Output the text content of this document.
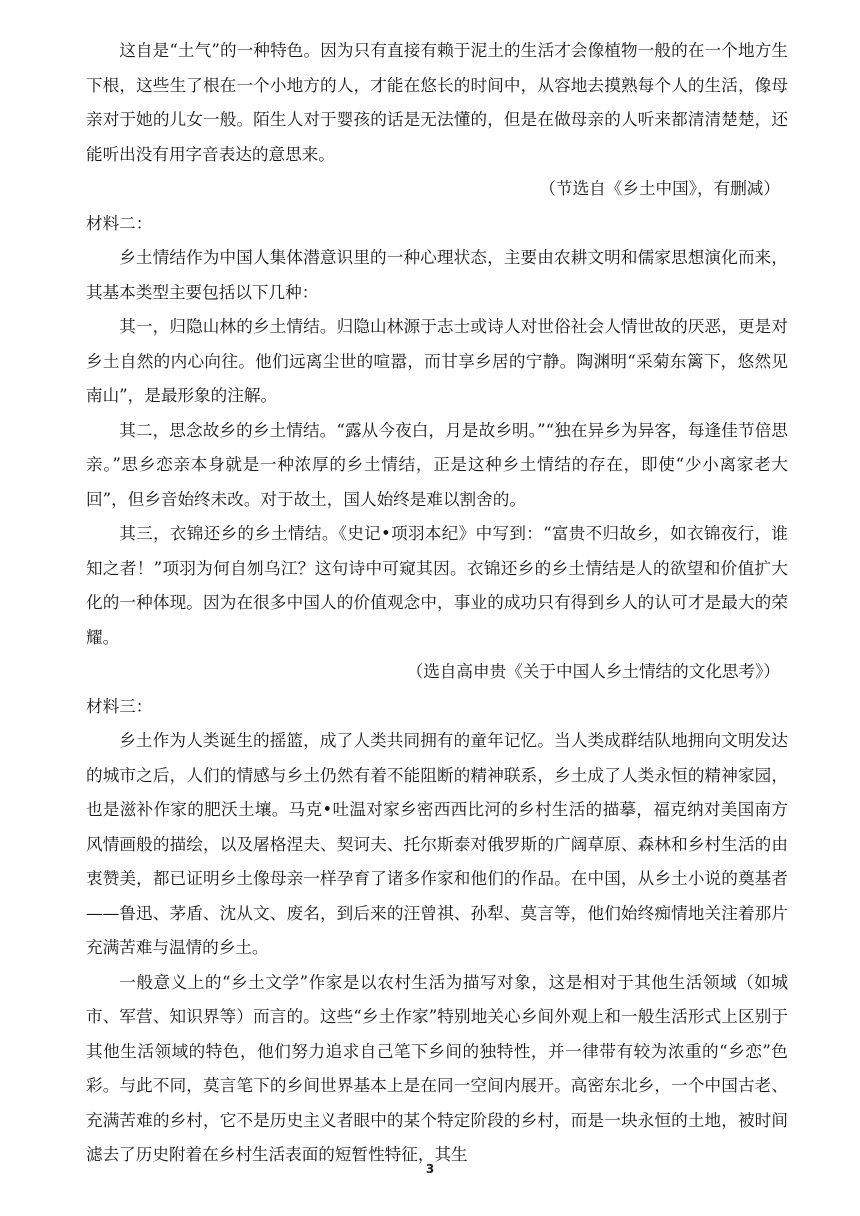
这自是“土气”的一种特色。因为只有直接有赖于泥土的生活才会像植物一般的在一个地方生下根，这些生了根在一个小地方的人，才能在悠长的时间中，从容地去摸熟每个人的生活，像母亲对于她的儿女一般。陌生人对于婴孩的话是无法懂的，但是在做母亲的人听来都清清楚楚，还能听出没有用字音表达的意思来。

（节选自《乡土中国》，有删减）

材料二：

乡土情结作为中国人集体潜意识里的一种心理状态，主要由农耕文明和儒家思想演化而来，其基本类型主要包括以下几种：

其一，归隐山林的乡土情结。归隐山林源于志士或诗人对世俗社会人情世故的厌恶，更是对乡土自然的内心向往。他们远离尘世的喧嚣，而甘享乡居的宁静。陶渊明“采菊东篱下，悠然见南山”，是最形象的注解。

其二，思念故乡的乡土情结。“露从今夜白，月是故乡明。”“独在异乡为异客，每逢佳节倍思亲。”思乡恋亲本身就是一种浓厚的乡土情结，正是这种乡土情结的存在，即使“少小离家老大回”，但乡音始终未改。对于故土，国人始终是难以割舍的。

其三，衣锦还乡的乡土情结。《史记•项羽本纪》中写到：“富贵不归故乡，如衣锦夜行，谁知之者！”项羽为何自刎乌江？这句诗中可窥其因。衣锦还乡的乡土情结是人的欲望和价值扩大化的一种体现。因为在很多中国人的价值观念中，事业的成功只有得到乡人的认可才是最大的荣耀。

（选自高申贵《关于中国人乡土情结的文化思考》）

材料三：

乡土作为人类诞生的摇篮，成了人类共同拥有的童年记忆。当人类成群结队地拥向文明发达的城市之后，人们的情感与乡土仍然有着不能阻断的精神联系，乡土成了人类永恒的精神家园，也是滋补作家的肥沃土壤。马克•吐温对家乡密西西比河的乡村生活的描摹，福克纳对美国南方风情画般的描绘，以及屠格涅夫、契诃夫、托尔斯泰对俄罗斯的广阔草原、森林和乡村生活的由衷赞美，都已证明乡土像母亲一样孕育了诸多作家和他们的作品。在中国，从乡土小说的奠基者——鲁迅、茅盾、沈从文、废名，到后来的汪曾祺、孙犁、莫言等，他们始终痴情地关注着那片充满苦难与温情的乡土。

一般意义上的“乡土文学”作家是以农村生活为描写对象，这是相对于其他生活领域（如城市、军营、知识界等）而言的。这些“乡土作家”特别地关心乡间外观上和一般生活形式上区别于其他生活领域的特色，他们努力追求自己笔下乡间的独特性，并一律带有较为浓重的“乡恋”色彩。与此不同，莫言笔下的乡间世界基本上是在同一空间内展开。高密东北乡，一个中国古老、充满苦难的乡村，它不是历史主义者眼中的某个特定阶段的乡村，而是一块永恒的土地，被时间滤去了历史附着在乡村生活表面的短暂性特征，其生

3
